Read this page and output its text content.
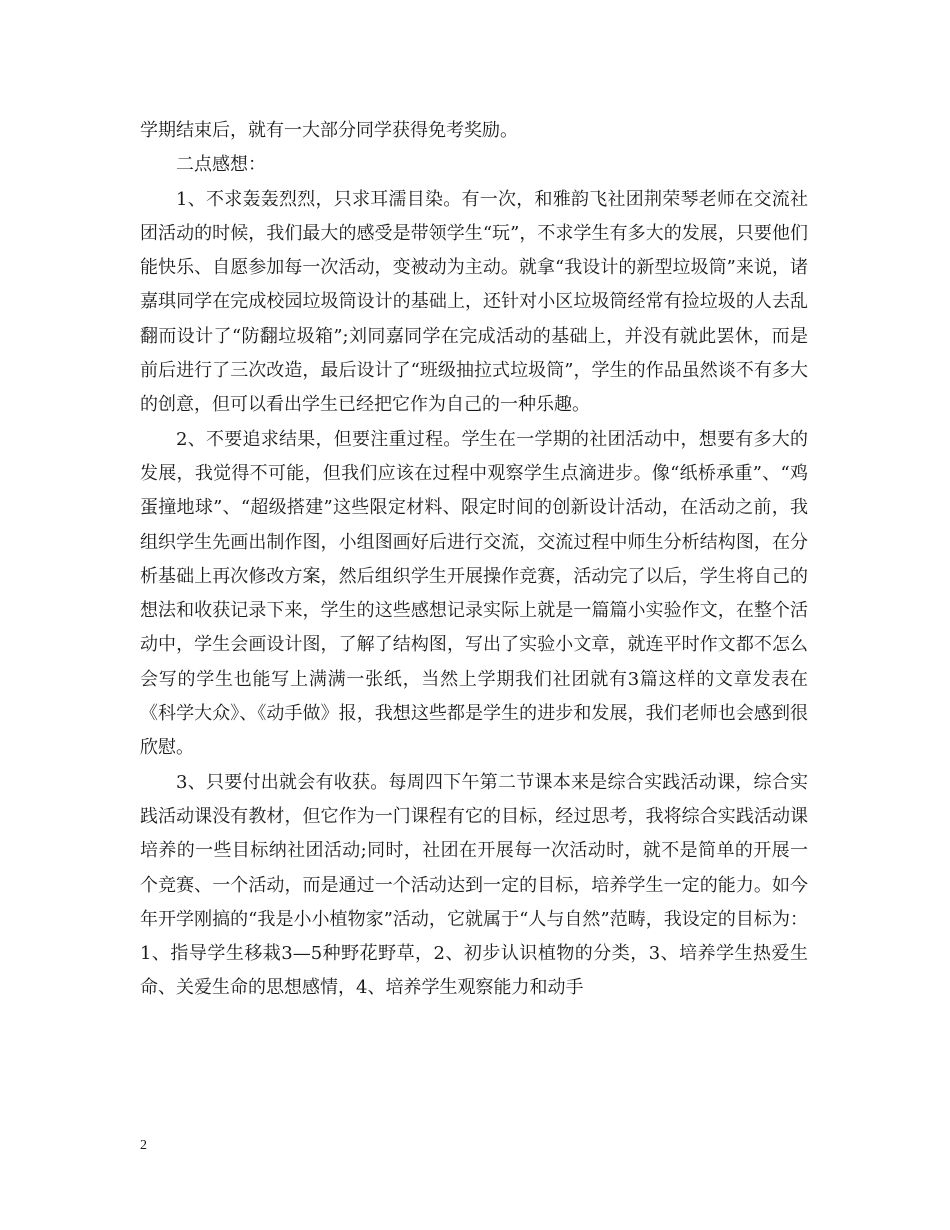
学期结束后，就有一大部分同学获得免考奖励。

二点感想：

1、不求轰轰烈烈，只求耳濡目染。有一次，和雅韵飞社团荆荣琴老师在交流社团活动的时候，我们最大的感受是带领学生“玩”，不求学生有多大的发展，只要他们能快乐、自愿参加每一次活动，变被动为主动。就拿“我设计的新型垃圾筒”来说，诸嘉琪同学在完成校园垃圾筒设计的基础上，还针对小区垃圾筒经常有捡垃圾的人去乱翻而设计了“防翻垃圾箱”;刘同嘉同学在完成活动的基础上，并没有就此罢休，而是前后进行了三次改造，最后设计了“班级抽拉式垃圾筒”，学生的作品虽然谈不有多大的创意，但可以看出学生已经把它作为自己的一种乐趣。

2、不要追求结果，但要注重过程。学生在一学期的社团活动中，想要有多大的发展，我觉得不可能，但我们应该在过程中观察学生点滴进步。像“纸桥承重”、“鸡蛋撞地球”、“超级搭建”这些限定材料、限定时间的创新设计活动，在活动之前，我组织学生先画出制作图，小组图画好后进行交流，交流过程中师生分析结构图，在分析基础上再次修改方案，然后组织学生开展操作竞赛，活动完了以后，学生将自己的想法和收获记录下来，学生的这些感想记录实际上就是一篇篇小实验作文，在整个活动中，学生会画设计图，了解了结构图，写出了实验小文章，就连平时作文都不怎么会写的学生也能写上满满一张纸，当然上学期我们社团就有3篇这样的文章发表在《科学大众》、《动手做》报，我想这些都是学生的进步和发展，我们老师也会感到很欣慰。

3、只要付出就会有收获。每周四下午第二节课本来是综合实践活动课，综合实践活动课没有教材，但它作为一门课程有它的目标，经过思考，我将综合实践活动课培养的一些目标纳社团活动;同时，社团在开展每一次活动时，就不是简单的开展一个竞赛、一个活动，而是通过一个活动达到一定的目标，培养学生一定的能力。如今年开学刚搞的“我是小小植物家”活动，它就属于“人与自然”范畴，我设定的目标为：1、指导学生移栽3—5种野花野草，2、初步认识植物的分类，3、培养学生热爱生命、关爱生命的思想感情，4、培养学生观察能力和动手

2
